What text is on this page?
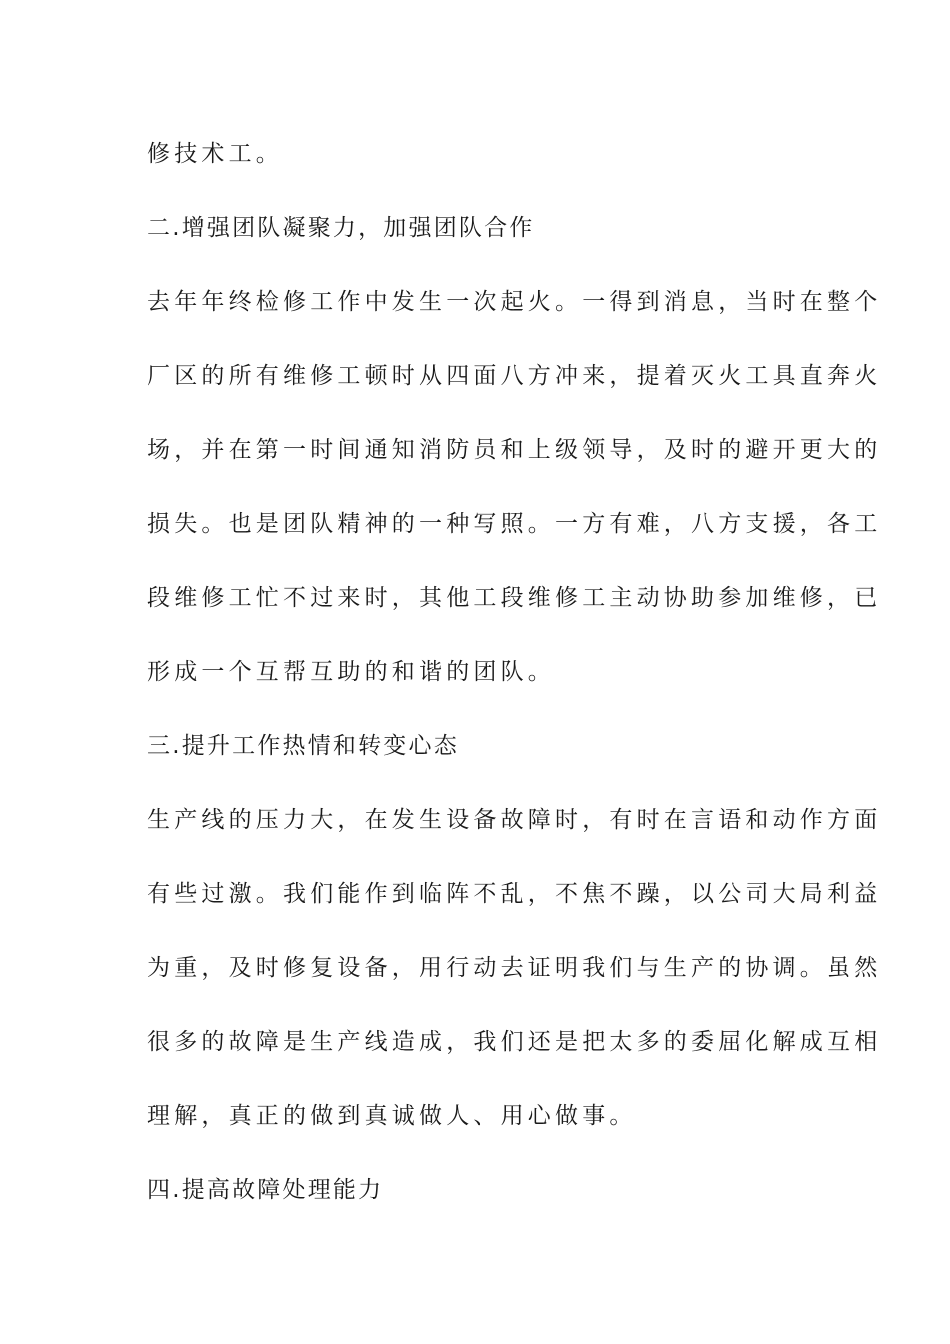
修技术工。
二.增强团队凝聚力，加强团队合作
去年年终检修工作中发生一次起火。一得到消息，当时在整个
厂区的所有维修工顿时从四面八方冲来，提着灭火工具直奔火
场，并在第一时间通知消防员和上级领导，及时的避开更大的
损失。也是团队精神的一种写照。一方有难，八方支援，各工
段维修工忙不过来时，其他工段维修工主动协助参加维修，已
形成一个互帮互助的和谐的团队。
三.提升工作热情和转变心态
生产线的压力大，在发生设备故障时，有时在言语和动作方面
有些过激。我们能作到临阵不乱，不焦不躁，以公司大局利益
为重，及时修复设备，用行动去证明我们与生产的协调。虽然
很多的故障是生产线造成，我们还是把太多的委屈化解成互相
理解，真正的做到真诚做人、用心做事。
四.提高故障处理能力
